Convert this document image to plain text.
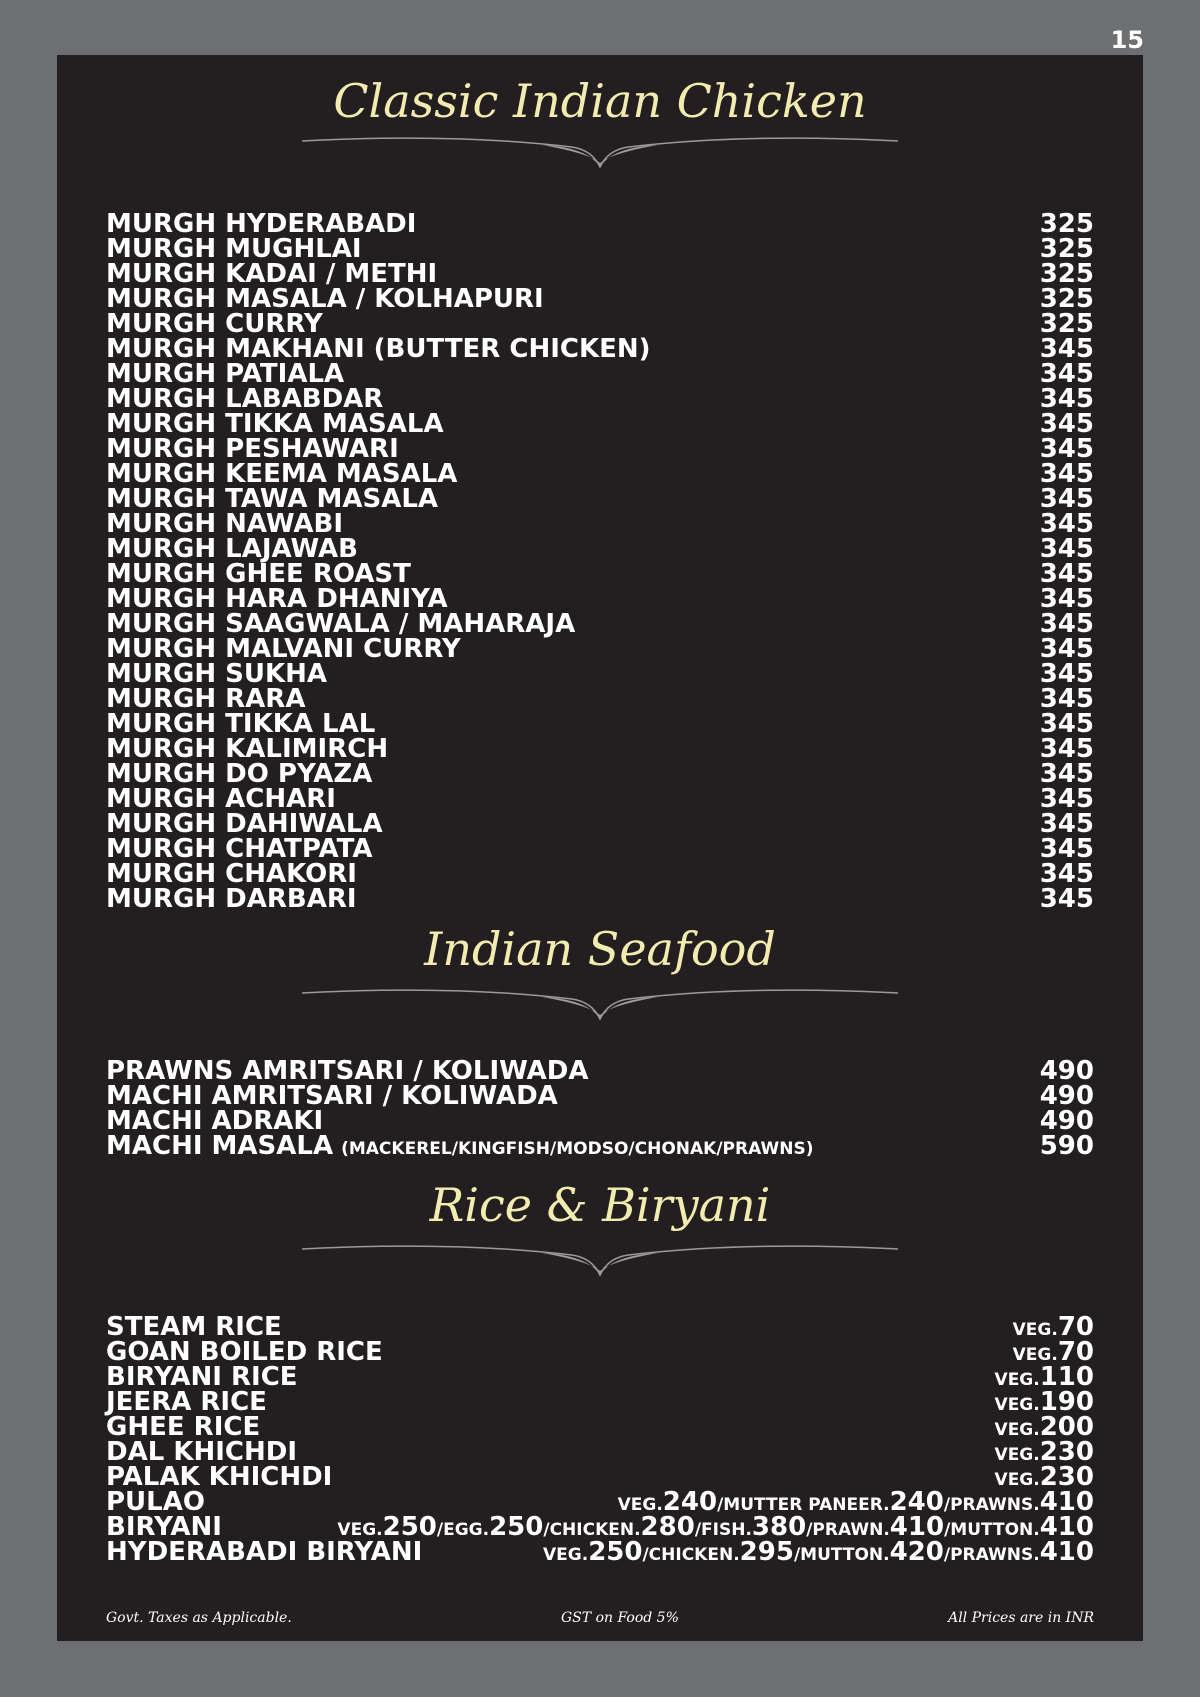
15
Classic Indian Chicken
MURGH HYDERABADI	325
MURGH MUGHLAI	325
MURGH KADAI / METHI	325
MURGH MASALA / KOLHAPURI	325
MURGH CURRY	325
MURGH MAKHANI (BUTTER CHICKEN)	345
MURGH PATIALA	345
MURGH LABABDAR	345
MURGH TIKKA MASALA	345
MURGH PESHAWARI	345
MURGH KEEMA MASALA	345
MURGH TAWA MASALA	345
MURGH NAWABI	345
MURGH LAJAWAB	345
MURGH GHEE ROAST	345
MURGH HARA DHANIYA	345
MURGH SAAGWALA / MAHARAJA	345
MURGH MALVANI CURRY	345
MURGH SUKHA	345
MURGH RARA	345
MURGH TIKKA LAL	345
MURGH KALIMIRCH	345
MURGH DO PYAZA	345
MURGH ACHARI	345
MURGH DAHIWALA	345
MURGH CHATPATA	345
MURGH CHAKORI	345
MURGH DARBARI	345
Indian Seafood
PRAWNS AMRITSARI / KOLIWADA	490
MACHI AMRITSARI / KOLIWADA	490
MACHI ADRAKI	490
MACHI MASALA (MACKEREL/KINGFISH/MODSO/CHONAK/PRAWNS)	590
Rice & Biryani
STEAM RICE	VEG. 70
GOAN BOILED RICE	VEG. 70
BIRYANI RICE	VEG. 110
JEERA RICE	VEG. 190
GHEE RICE	VEG. 200
DAL KHICHDI	VEG. 230
PALAK KHICHDI	VEG. 230
PULAO	VEG. 240 /MUTTER PANEER. 240 /PRAWNS. 410
BIRYANI	VEG. 250 /EGG. 250 /CHICKEN. 280 /FISH. 380 /PRAWN. 410 /MUTTON. 410
HYDERABADI BIRYANI	VEG. 250 /CHICKEN. 295 /MUTTON. 420 /PRAWNS. 410
Govt. Taxes as Applicable.	GST on Food 5%	All Prices are in INR
